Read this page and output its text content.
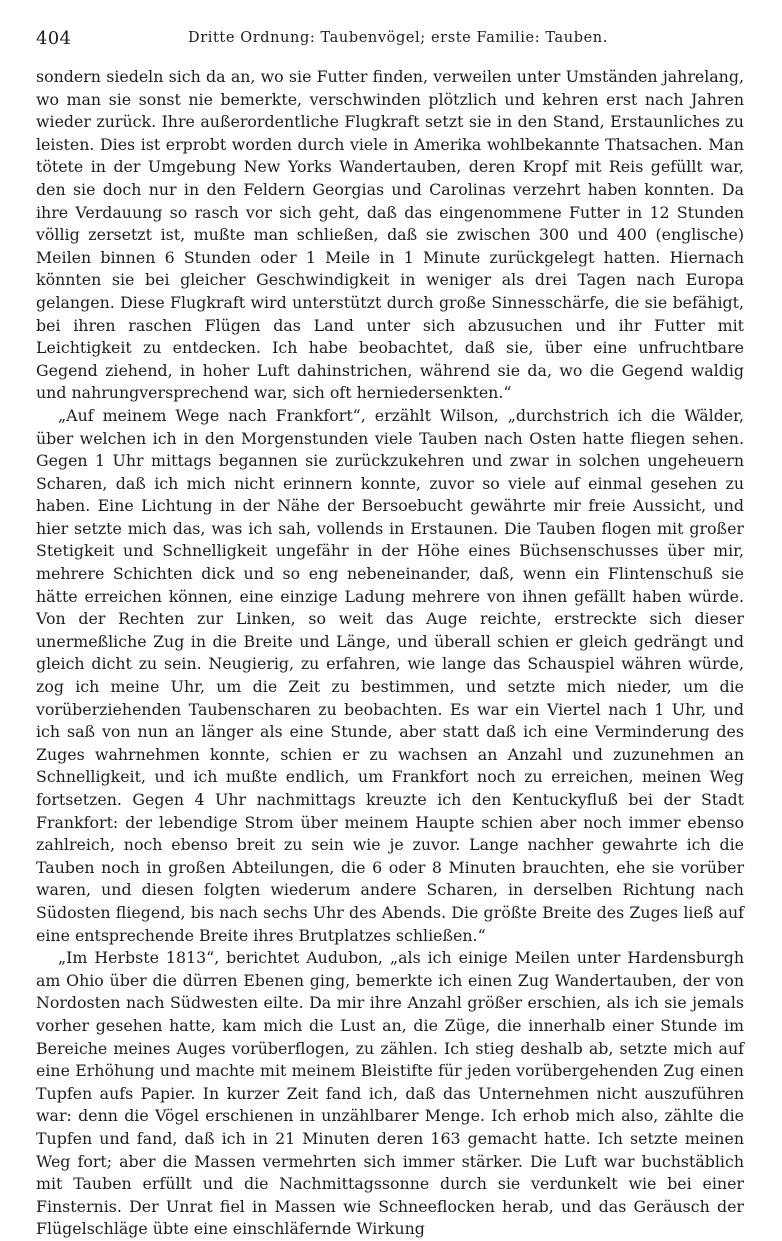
404	Dritte Ordnung: Taubenvögel; erste Familie: Tauben.

sondern siedeln sich da an, wo sie Futter finden, verweilen unter Umständen jahrelang, wo man sie sonst nie bemerkte, verschwinden plötzlich und kehren erst nach Jahren wieder zurück. Ihre außerordentliche Flugkraft setzt sie in den Stand, Erstaunliches zu leisten. Dies ist erprobt worden durch viele in Amerika wohlbekannte Thatsachen. Man tötete in der Umgebung New Yorks Wandertauben, deren Kropf mit Reis gefüllt war, den sie doch nur in den Feldern Georgias und Carolinas verzehrt haben konnten. Da ihre Verdauung so rasch vor sich geht, daß das eingenommene Futter in 12 Stunden völlig zersetzt ist, mußte man schließen, daß sie zwischen 300 und 400 (englische) Meilen binnen 6 Stunden oder 1 Meile in 1 Minute zurückgelegt hatten. Hiernach könnten sie bei gleicher Geschwindigkeit in weniger als drei Tagen nach Europa gelangen. Diese Flugkraft wird unterstützt durch große Sinnesschärfe, die sie befähigt, bei ihren raschen Flügen das Land unter sich abzusuchen und ihr Futter mit Leichtigkeit zu entdecken. Ich habe beobachtet, daß sie, über eine unfruchtbare Gegend ziehend, in hoher Luft dahinstrichen, während sie da, wo die Gegend waldig und nahrungversprechend war, sich oft herniedersenkten.“

„Auf meinem Wege nach Frankfort“, erzählt Wilson, „durchstrich ich die Wälder, über welchen ich in den Morgenstunden viele Tauben nach Osten hatte fliegen sehen. Gegen 1 Uhr mittags begannen sie zurückzukehren und zwar in solchen ungeheuern Scharen, daß ich mich nicht erinnern konnte, zuvor so viele auf einmal gesehen zu haben. Eine Lichtung in der Nähe der Bersoebucht gewährte mir freie Aussicht, und hier setzte mich das, was ich sah, vollends in Erstaunen. Die Tauben flogen mit großer Stetigkeit und Schnelligkeit ungefähr in der Höhe eines Büchsenschusses über mir, mehrere Schichten dick und so eng nebeneinander, daß, wenn ein Flintenschuß sie hätte erreichen können, eine einzige Ladung mehrere von ihnen gefällt haben würde. Von der Rechten zur Linken, so weit das Auge reichte, erstreckte sich dieser unermeßliche Zug in die Breite und Länge, und überall schien er gleich gedrängt und gleich dicht zu sein. Neugierig, zu erfahren, wie lange das Schauspiel währen würde, zog ich meine Uhr, um die Zeit zu bestimmen, und setzte mich nieder, um die vorüberziehenden Taubenscharen zu beobachten. Es war ein Viertel nach 1 Uhr, und ich saß von nun an länger als eine Stunde, aber statt daß ich eine Verminderung des Zuges wahrnehmen konnte, schien er zu wachsen an Anzahl und zuzunehmen an Schnelligkeit, und ich mußte endlich, um Frankfort noch zu erreichen, meinen Weg fortsetzen. Gegen 4 Uhr nachmittags kreuzte ich den Kentuckyfluß bei der Stadt Frankfort: der lebendige Strom über meinem Haupte schien aber noch immer ebenso zahlreich, noch ebenso breit zu sein wie je zuvor. Lange nachher gewahrte ich die Tauben noch in großen Abteilungen, die 6 oder 8 Minuten brauchten, ehe sie vorüber waren, und diesen folgten wiederum andere Scharen, in derselben Richtung nach Südosten fliegend, bis nach sechs Uhr des Abends. Die größte Breite des Zuges ließ auf eine entsprechende Breite ihres Brutplatzes schließen.“

„Im Herbste 1813“, berichtet Audubon, „als ich einige Meilen unter Hardensburgh am Ohio über die dürren Ebenen ging, bemerkte ich einen Zug Wandertauben, der von Nordosten nach Südwesten eilte. Da mir ihre Anzahl größer erschien, als ich sie jemals vorher gesehen hatte, kam mich die Lust an, die Züge, die innerhalb einer Stunde im Bereiche meines Auges vorüberflogen, zu zählen. Ich stieg deshalb ab, setzte mich auf eine Erhöhung und machte mit meinem Bleistifte für jeden vorübergehenden Zug einen Tupfen aufs Papier. In kurzer Zeit fand ich, daß das Unternehmen nicht auszuführen war: denn die Vögel erschienen in unzählbarer Menge. Ich erhob mich also, zählte die Tupfen und fand, daß ich in 21 Minuten deren 163 gemacht hatte. Ich setzte meinen Weg fort; aber die Massen vermehrten sich immer stärker. Die Luft war buchstäblich mit Tauben erfüllt und die Nachmittagssonne durch sie verdunkelt wie bei einer Finsternis. Der Unrat fiel in Massen wie Schneeflocken herab, und das Geräusch der Flügelschläge übte eine einschläfernde Wirkung
